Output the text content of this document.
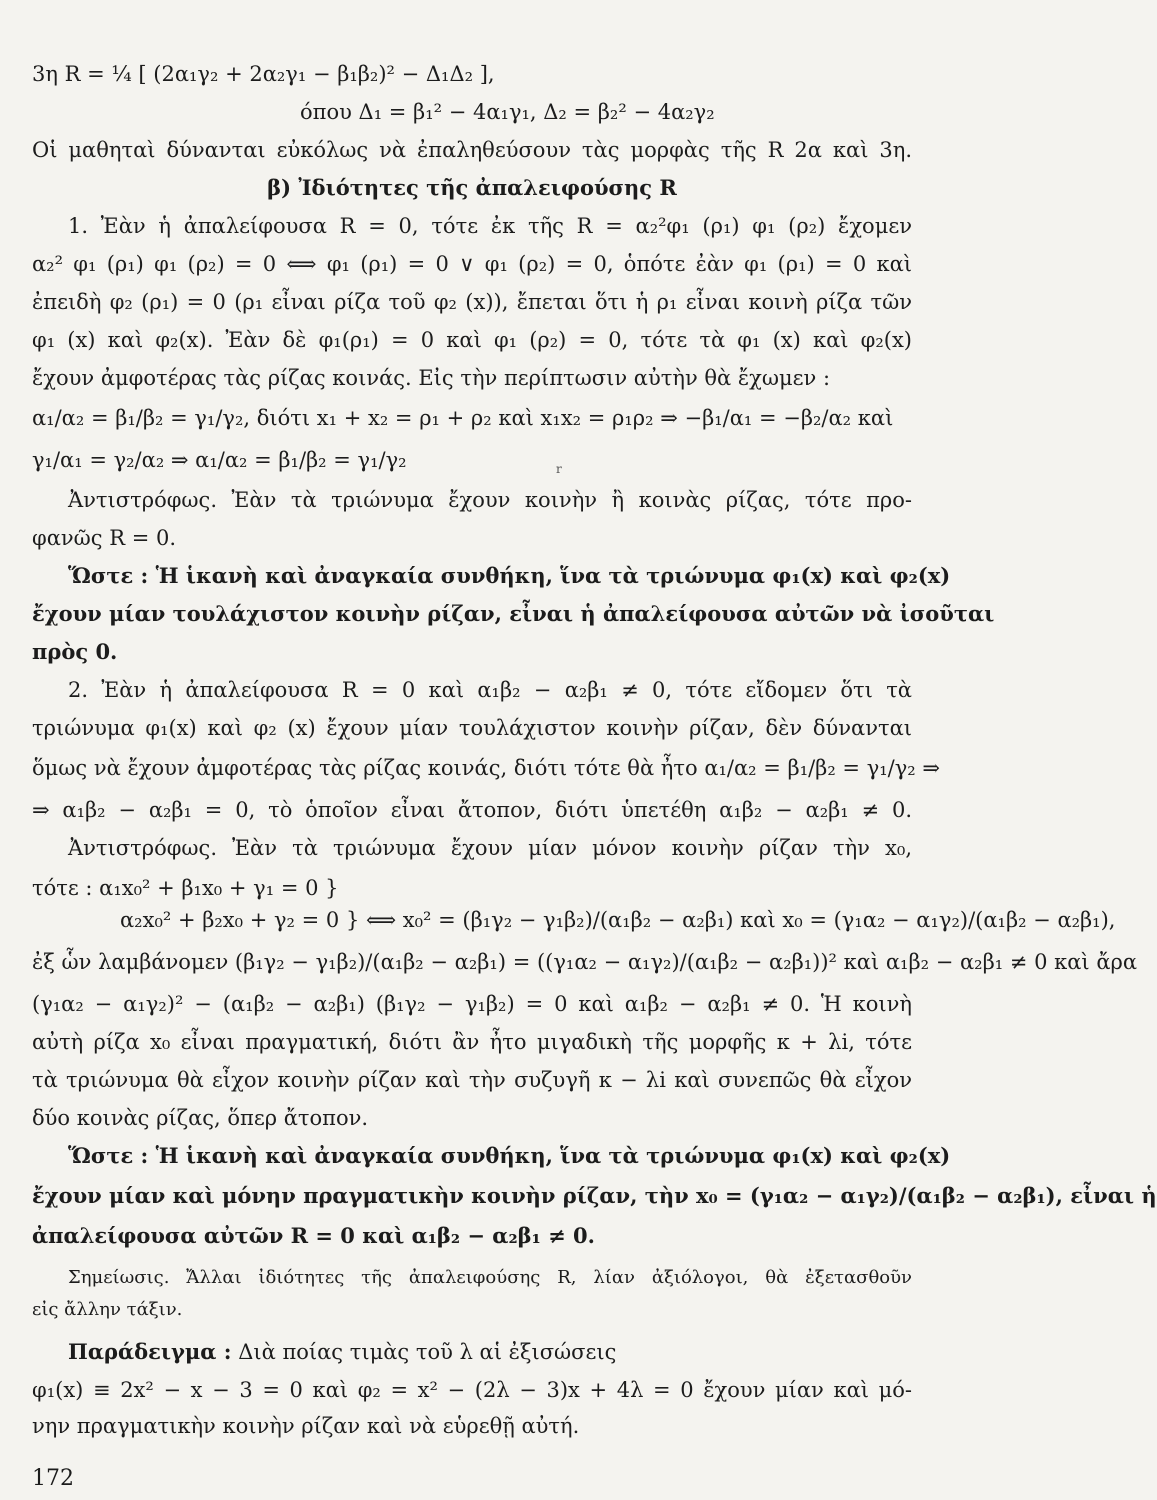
3η R = ¼ [ (2α₁γ₂ + 2α₂γ₁ − β₁β₂)² − Δ₁Δ₂ ],
όπου Δ₁ = β₁² − 4α₁γ₁, Δ₂ = β₂² − 4α₂γ₂
Οἱ μαθηταὶ δύνανται εὐκόλως νὰ ἐπαληθεύσουν τὰς μορφὰς τῆς R 2α καὶ 3η.
β) Ἰδιότητες τῆς ἀπαλειφούσης R
1. Ἐὰν ἡ ἀπαλείφουσα R = 0, τότε ἐκ τῆς R = α₂²φ₁ (ρ₁) φ₁ (ρ₂) ἔχομεν
α₂² φ₁ (ρ₁) φ₁ (ρ₂) = 0 ⟺ φ₁ (ρ₁) = 0 ∨ φ₁ (ρ₂) = 0, ὁπότε ἐὰν φ₁ (ρ₁) = 0 καὶ
ἐπειδὴ φ₂ (ρ₁) = 0 (ρ₁ εἶναι ρίζα τοῦ φ₂ (x)), ἔπεται ὅτι ἡ ρ₁ εἶναι κοινὴ ρίζα τῶν
φ₁ (x) καὶ φ₂(x). Ἐὰν δὲ φ₁(ρ₁) = 0 καὶ φ₁ (ρ₂) = 0, τότε τὰ φ₁ (x) καὶ φ₂(x)
ἔχουν ἀμφοτέρας τὰς ρίζας κοινάς. Εἰς τὴν περίπτωσιν αὐτὴν θὰ ἔχωμεν :
α₁/α₂ = β₁/β₂ = γ₁/γ₂, διότι x₁ + x₂ = ρ₁ + ρ₂ καὶ x₁x₂ = ρ₁ρ₂ ⇒ −β₁/α₁ = −β₂/α₂ καὶ
γ₁/α₁ = γ₂/α₂ ⇒ α₁/α₂ = β₁/β₂ = γ₁/γ₂	r
Ἀντιστρόφως. Ἐὰν τὰ τριώνυμα ἔχουν κοινὴν ἢ κοινὰς ρίζας, τότε προ-
φανῶς R = 0.
Ὥστε : Ἡ ἱκανὴ καὶ ἀναγκαία συνθήκη, ἵνα τὰ τριώνυμα φ₁(x) καὶ φ₂(x)
ἔχουν μίαν τουλάχιστον κοινὴν ρίζαν, εἶναι ἡ ἀπαλείφουσα αὐτῶν νὰ ἰσοῦται
πρὸς 0.
2. Ἐὰν ἡ ἀπαλείφουσα R = 0 καὶ α₁β₂ − α₂β₁ ≠ 0, τότε εἴδομεν ὅτι τὰ
τριώνυμα φ₁(x) καὶ φ₂ (x) ἔχουν μίαν τουλάχιστον κοινὴν ρίζαν, δὲν δύνανται
ὅμως νὰ ἔχουν ἀμφοτέρας τὰς ρίζας κοινάς, διότι τότε θὰ ἦτο α₁/α₂ = β₁/β₂ = γ₁/γ₂ ⇒
⇒ α₁β₂ − α₂β₁ = 0, τὸ ὁποῖον εἶναι ἄτοπον, διότι ὑπετέθη α₁β₂ − α₂β₁ ≠ 0.
Ἀντιστρόφως. Ἐὰν τὰ τριώνυμα ἔχουν μίαν μόνον κοινὴν ρίζαν τὴν x₀,
τότε : α₁x₀² + β₁x₀ + γ₁ = 0 }
α₂x₀² + β₂x₀ + γ₂ = 0 } ⟺ x₀² = (β₁γ₂ − γ₁β₂)/(α₁β₂ − α₂β₁) καὶ x₀ = (γ₁α₂ − α₁γ₂)/(α₁β₂ − α₂β₁),
ἐξ ὧν λαμβάνομεν (β₁γ₂ − γ₁β₂)/(α₁β₂ − α₂β₁) = ((γ₁α₂ − α₁γ₂)/(α₁β₂ − α₂β₁))² καὶ α₁β₂ − α₂β₁ ≠ 0 καὶ ἄρα
(γ₁α₂ − α₁γ₂)² − (α₁β₂ − α₂β₁) (β₁γ₂ − γ₁β₂) = 0 καὶ α₁β₂ − α₂β₁ ≠ 0. Ἡ κοινὴ
αὐτὴ ρίζα x₀ εἶναι πραγματική, διότι ἂν ἦτο μιγαδικὴ τῆς μορφῆς κ + λi, τότε
τὰ τριώνυμα θὰ εἶχον κοινὴν ρίζαν καὶ τὴν συζυγῆ κ − λi καὶ συνεπῶς θὰ εἶχον
δύο κοινὰς ρίζας, ὅπερ ἄτοπον.
Ὥστε : Ἡ ἱκανὴ καὶ ἀναγκαία συνθήκη, ἵνα τὰ τριώνυμα φ₁(x) καὶ φ₂(x)
ἔχουν μίαν καὶ μόνην πραγματικὴν κοινὴν ρίζαν, τὴν x₀ = (γ₁α₂ − α₁γ₂)/(α₁β₂ − α₂β₁), εἶναι ἡ
ἀπαλείφουσα αὐτῶν R = 0 καὶ α₁β₂ − α₂β₁ ≠ 0.
Σημείωσις. Ἄλλαι ἰδιότητες τῆς ἀπαλειφούσης R, λίαν ἀξιόλογοι, θὰ ἐξετασθοῦν
εἰς ἄλλην τάξιν.
Παράδειγμα : Διὰ ποίας τιμὰς τοῦ λ αἱ ἐξισώσεις
φ₁(x) ≡ 2x² − x − 3 = 0 καὶ φ₂ = x² − (2λ − 3)x + 4λ = 0 ἔχουν μίαν καὶ μό-
νην πραγματικὴν κοινὴν ρίζαν καὶ νὰ εὑρεθῇ αὐτή.
172
